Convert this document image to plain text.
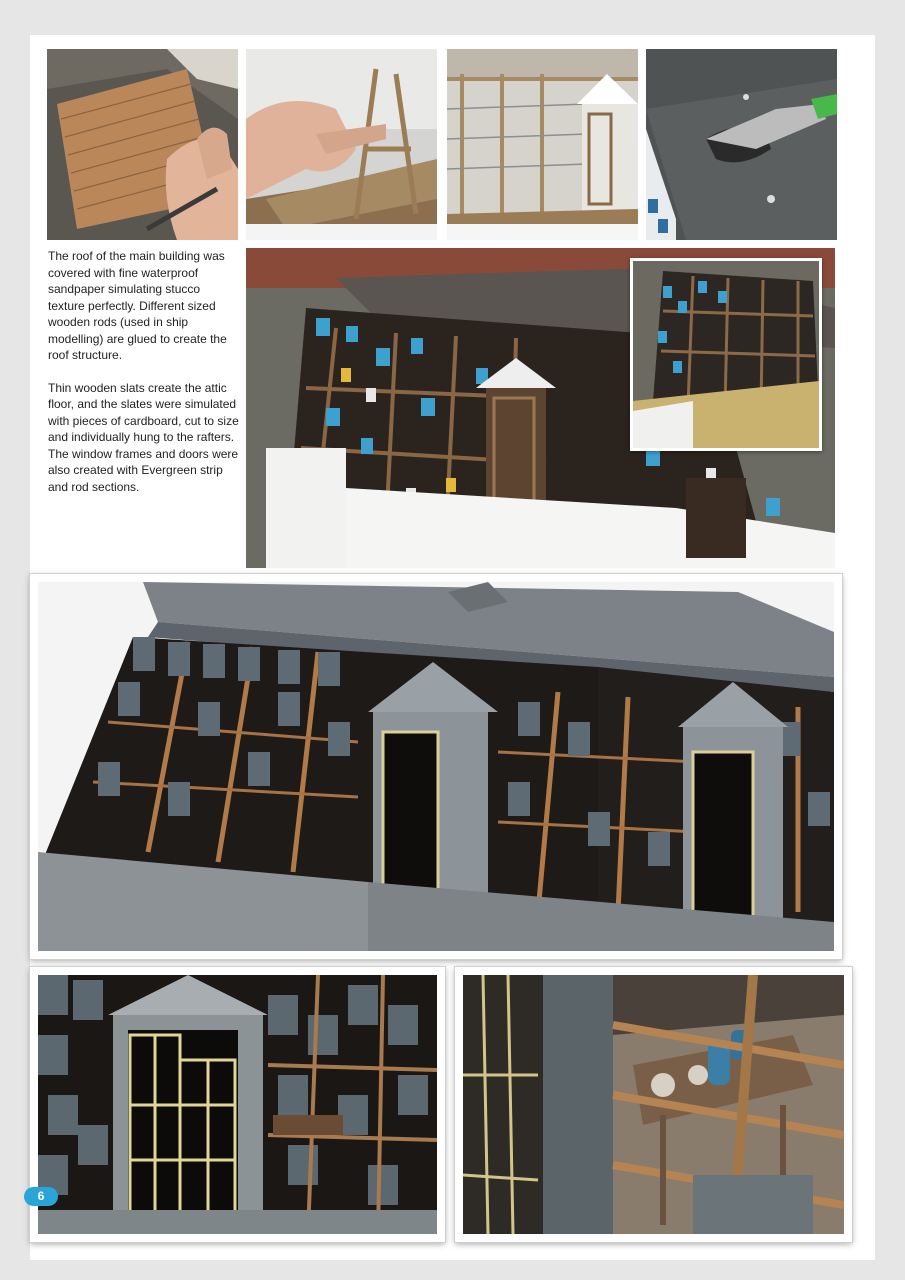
The roof of the main building was covered with fine waterproof sandpaper simulating stucco texture perfectly. Different sized wooden rods (used in ship modelling) are glued to create the roof structure.

Thin wooden slats create the attic floor, and the slates were simulated with pieces of cardboard, cut to size and individually hung to the rafters. The window frames and doors were also created with Evergreen strip and rod sections.

6
